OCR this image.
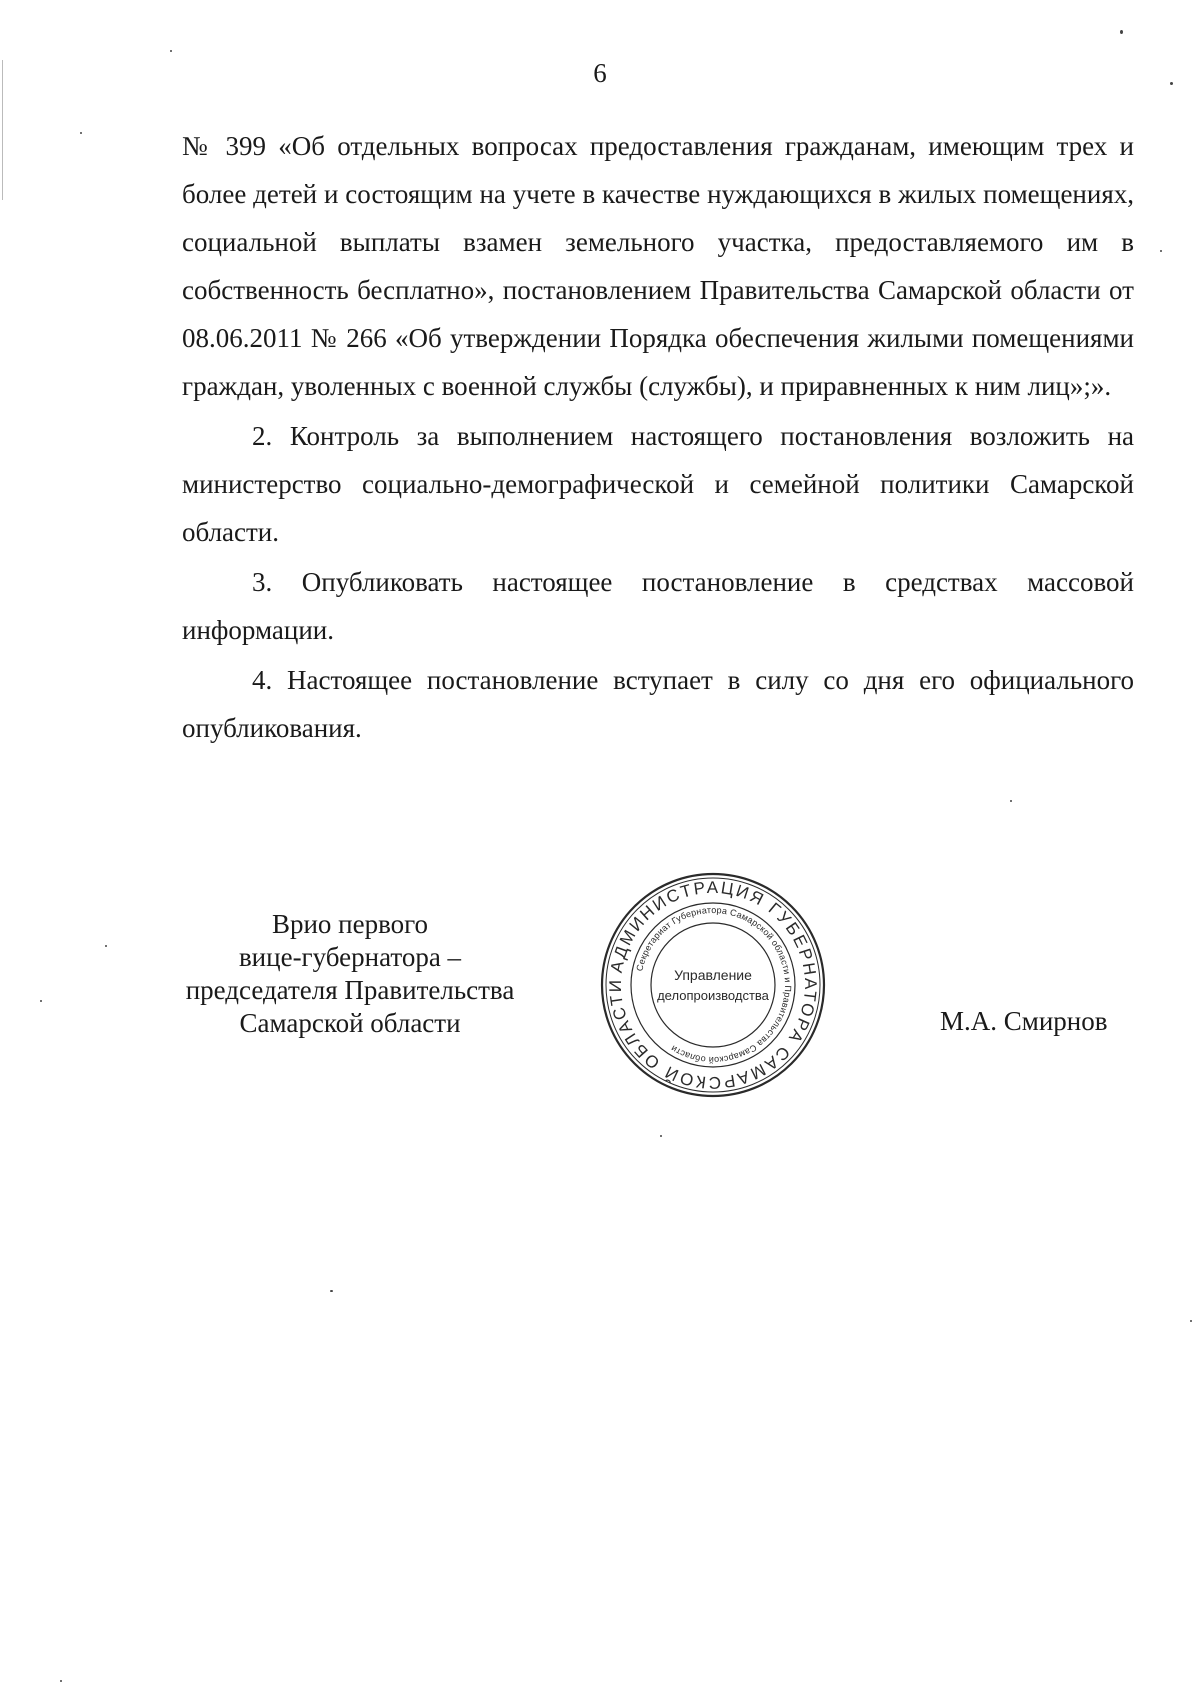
6

№ 399 «Об отдельных вопросах предоставления гражданам, имеющим трех и более детей и состоящим на учете в качестве нуждающихся в жилых помещениях, социальной выплаты взамен земельного участка, предоставляемого им в собственность бесплатно», постановлением Правительства Самарской области от 08.06.2011 № 266 «Об утверждении Порядка обеспечения жилыми помещениями граждан, уволенных с военной службы (службы), и приравненных к ним лиц»;».

2. Контроль за выполнением настоящего постановления возложить на министерство социально-демографической и семейной политики Самарской области.

3. Опубликовать настоящее постановление в средствах массовой информации.

4. Настоящее постановление вступает в силу со дня его официального опубликования.

Врио первого
вице-губернатора –
председателя Правительства
Самарской области
АДМИНИСТРАЦИЯ ГУБЕРНАТОРА САМАРСКОЙ ОБЛАСТИ
Секретариат Губернатора Самарской области и Правительства Самарской области
Управление
делопроизводства
М.А. Смирнов
